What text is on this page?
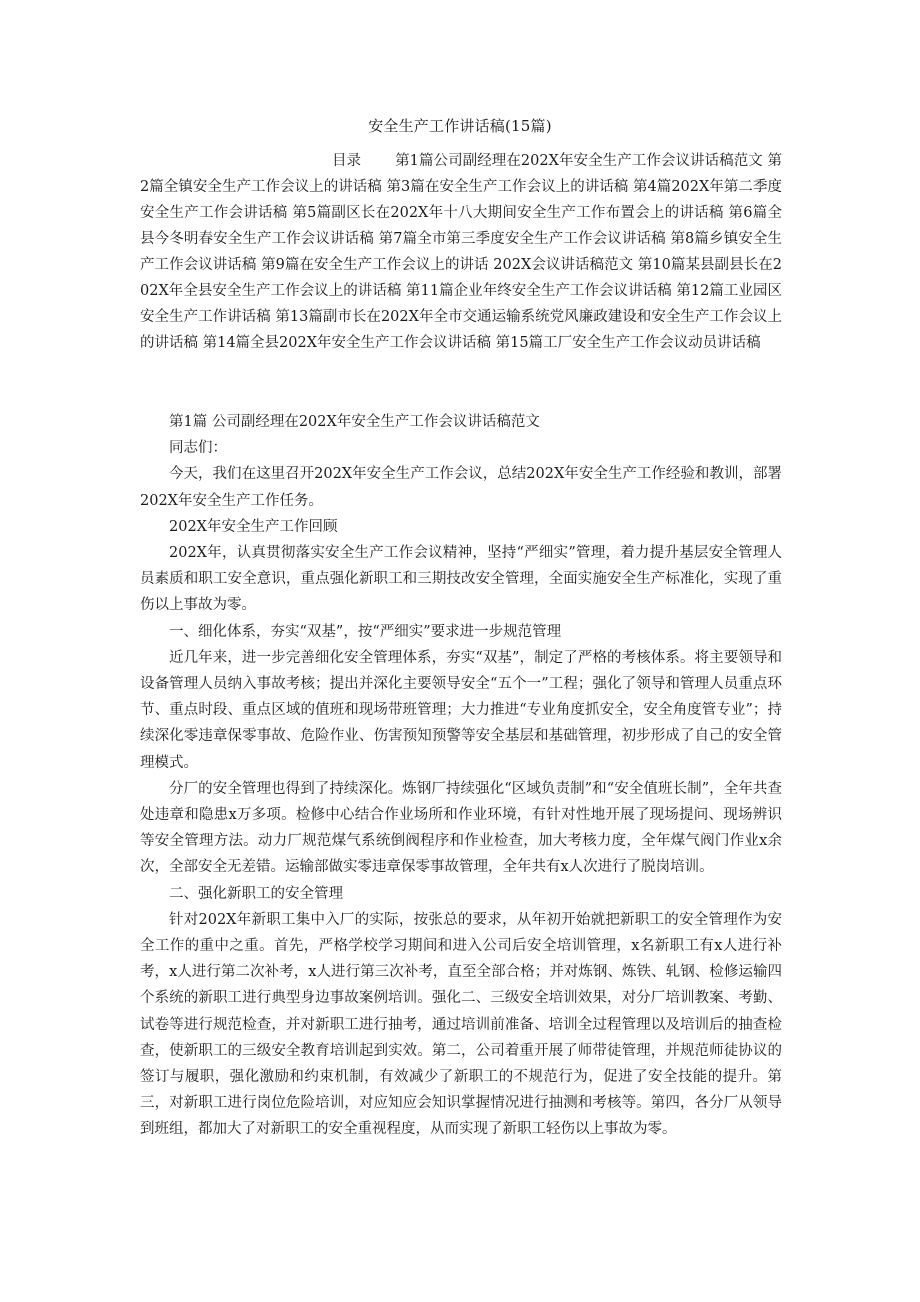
安全生产工作讲话稿(15篇)
目录 第1篇公司副经理在202X年安全生产工作会议讲话稿范文 第2篇全镇安全生产工作会议上的讲话稿 第3篇在安全生产工作会议上的讲话稿 第4篇202X年第二季度安全生产工作会讲话稿 第5篇副区长在202X年十八大期间安全生产工作布置会上的讲话稿 第6篇全县今冬明春安全生产工作会议讲话稿 第7篇全市第三季度安全生产工作会议讲话稿 第8篇乡镇安全生产工作会议讲话稿 第9篇在安全生产工作会议上的讲话 202X会议讲话稿范文 第10篇某县副县长在202X年全县安全生产工作会议上的讲话稿 第11篇企业年终安全生产工作会议讲话稿 第12篇工业园区安全生产工作讲话稿 第13篇副市长在202X年全市交通运输系统党风廉政建设和安全生产工作会议上的讲话稿 第14篇全县202X年安全生产工作会议讲话稿 第15篇工厂安全生产工作会议动员讲话稿

第1篇 公司副经理在202X年安全生产工作会议讲话稿范文

同志们：

今天，我们在这里召开202X年安全生产工作会议，总结202X年安全生产工作经验和教训，部署202X年安全生产工作任务。

202X年安全生产工作回顾

202X年，认真贯彻落实安全生产工作会议精神，坚持“严细实”管理，着力提升基层安全管理人员素质和职工安全意识，重点强化新职工和三期技改安全管理，全面实施安全生产标准化，实现了重伤以上事故为零。

一、细化体系，夯实“双基”，按“严细实”要求进一步规范管理

近几年来，进一步完善细化安全管理体系，夯实“双基”，制定了严格的考核体系。将主要领导和设备管理人员纳入事故考核；提出并深化主要领导安全“五个一”工程；强化了领导和管理人员重点环节、重点时段、重点区域的值班和现场带班管理；大力推进“专业角度抓安全，安全角度管专业”；持续深化零违章保零事故、危险作业、伤害预知预警等安全基层和基础管理，初步形成了自己的安全管理模式。

分厂的安全管理也得到了持续深化。炼钢厂持续强化“区域负责制”和“安全值班长制”，全年共查处违章和隐患x万多项。检修中心结合作业场所和作业环境，有针对性地开展了现场提问、现场辨识等安全管理方法。动力厂规范煤气系统倒阀程序和作业检查，加大考核力度，全年煤气阀门作业x余次，全部安全无差错。运输部做实零违章保零事故管理，全年共有x人次进行了脱岗培训。

二、强化新职工的安全管理

针对202X年新职工集中入厂的实际，按张总的要求，从年初开始就把新职工的安全管理作为安全工作的重中之重。首先，严格学校学习期间和进入公司后安全培训管理，x名新职工有x人进行补考，x人进行第二次补考，x人进行第三次补考，直至全部合格；并对炼钢、炼铁、轧钢、检修运输四个系统的新职工进行典型身边事故案例培训。强化二、三级安全培训效果，对分厂培训教案、考勤、试卷等进行规范检查，并对新职工进行抽考，通过培训前准备、培训全过程管理以及培训后的抽查检查，使新职工的三级安全教育培训起到实效。第二，公司着重开展了师带徒管理，并规范师徒协议的签订与履职，强化激励和约束机制，有效减少了新职工的不规范行为，促进了安全技能的提升。第三，对新职工进行岗位危险培训，对应知应会知识掌握情况进行抽测和考核等。第四，各分厂从领导到班组，都加大了对新职工的安全重视程度，从而实现了新职工轻伤以上事故为零。
